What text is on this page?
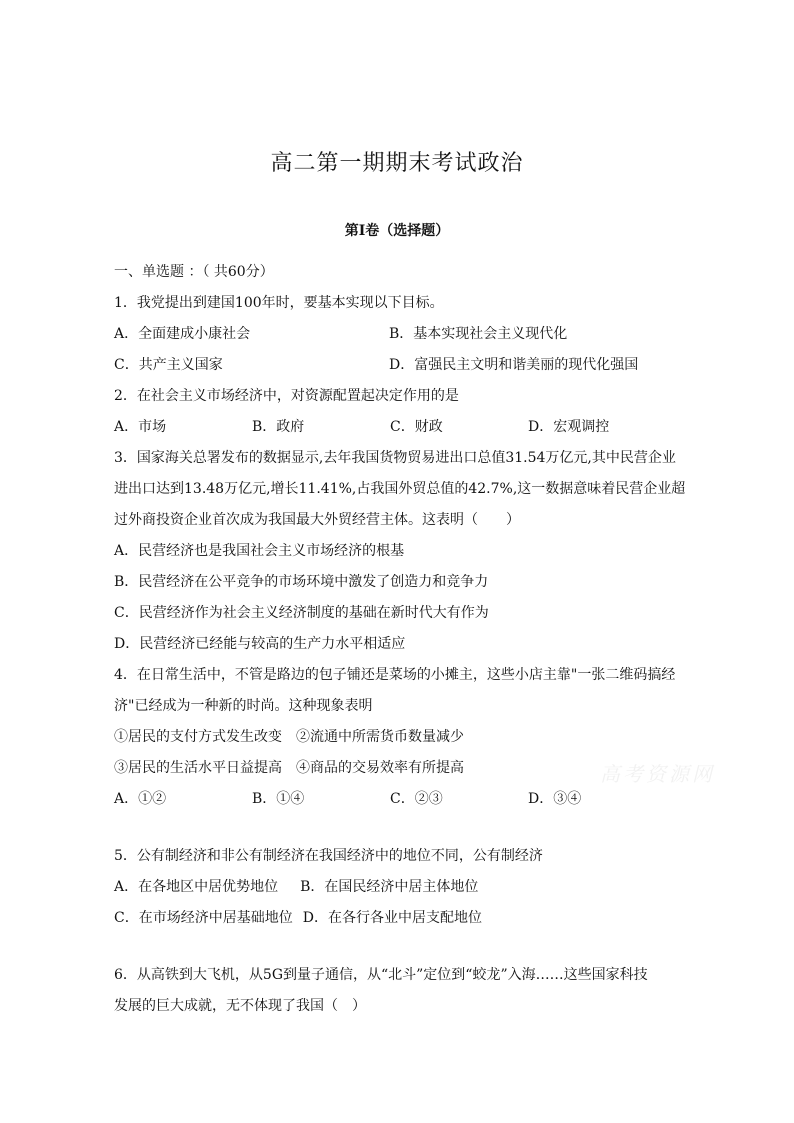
高二第一期期末考试政治
第I卷（选择题）
一、单选题 ：（ 共60分）
1．我党提出到建国100年时，要基本实现以下目标。
A．全面建成小康社会	B．基本实现社会主义现代化
C．共产主义国家	D．富强民主文明和谐美丽的现代化强国
2．在社会主义市场经济中，对资源配置起决定作用的是
A．市场	B．政府	C．财政	D．宏观调控
3．国家海关总署发布的数据显示,去年我国货物贸易进出口总值31.54万亿元,其中民营企业
进出口达到13.48万亿元,增长11.41%,占我国外贸总值的42.7%,这一数据意味着民营企业超
过外商投资企业首次成为我国最大外贸经营主体。这表明（　　）
A．民营经济也是我国社会主义市场经济的根基
B．民营经济在公平竞争的市场环境中激发了创造力和竞争力
C．民营经济作为社会主义经济制度的基础在新时代大有作为
D．民营经济已经能与较高的生产力水平相适应
4．在日常生活中，不管是路边的包子铺还是菜场的小摊主，这些小店主靠"一张二维码搞经
济"已经成为一种新的时尚。这种现象表明
①居民的支付方式发生改变　②流通中所需货币数量减少
③居民的生活水平日益提高　④商品的交易效率有所提高
A．①②	B．①④	C．②③	D．③④
5．公有制经济和非公有制经济在我国经济中的地位不同，公有制经济
A．在各地区中居优势地位 B．在国民经济中居主体地位
C．在市场经济中居基础地位 D．在各行各业中居支配地位
6．从高铁到大飞机，从5G到量子通信，从“北斗”定位到“蛟龙”入海……这些国家科技
发展的巨大成就，无不体现了我国（　）
高考资源网
